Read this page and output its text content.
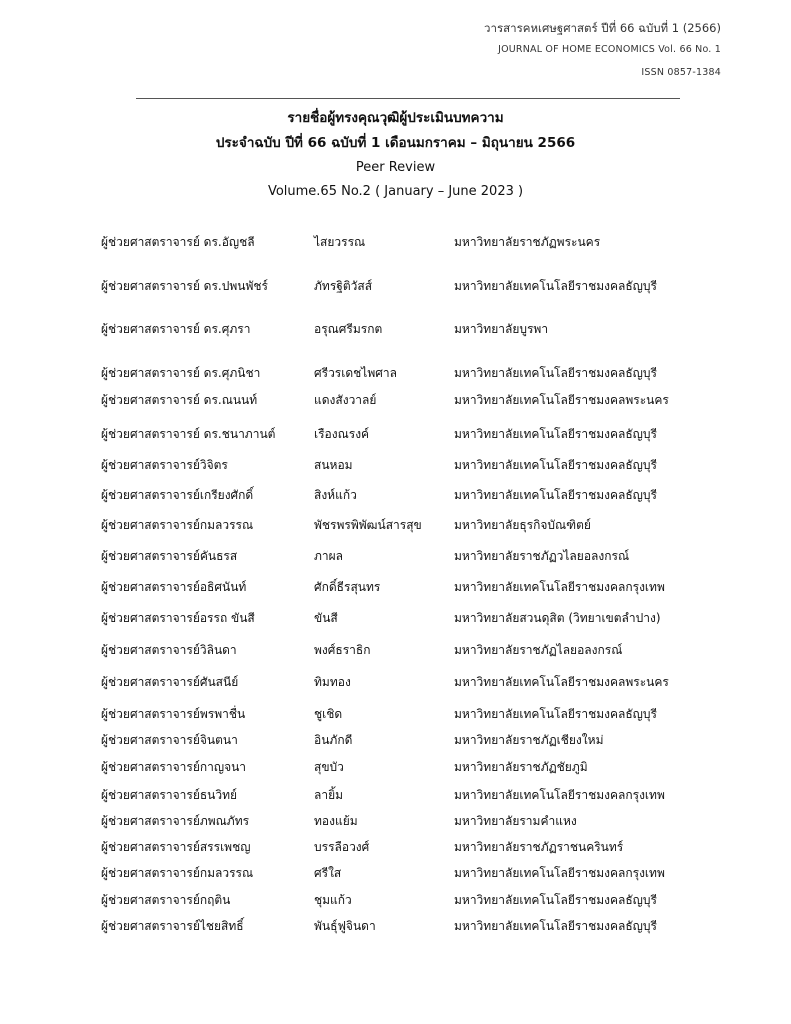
วารสารคหเศษฐศาสตร์ ปีที่ 66 ฉบับที่ 1 (2566)
JOURNAL OF HOME ECONOMICS Vol. 66 No. 1
ISSN 0857-1384
รายชื่อผู้ทรงคุณวุฒิผู้ประเมินบทความ
ประจำฉบับ ปีที่ 66 ฉบับที่ 1 เดือนมกราคม – มิถุนายน 2566
Peer Review
Volume.65 No.2 ( January – June 2023 )
ผู้ช่วยศาสตราจารย์ ดร.อัญชลี	ไสยวรรณ	มหาวิทยาลัยราชภัฏพระนคร
ผู้ช่วยศาสตราจารย์ ดร.ปพนพัชร์	ภัทรฐิติวัสส์	มหาวิทยาลัยเทคโนโลยีราชมงคลธัญบุรี
ผู้ช่วยศาสตราจารย์ ดร.ศุภรา	อรุณศรีมรกต	มหาวิทยาลัยบูรพา
ผู้ช่วยศาสตราจารย์ ดร.ศุภนิชา	ศรีวรเดชไพศาล	มหาวิทยาลัยเทคโนโลยีราชมงคลธัญบุรี
ผู้ช่วยศาสตราจารย์ ดร.ณนนท์	แดงสังวาลย์	มหาวิทยาลัยเทคโนโลยีราชมงคลพระนคร
ผู้ช่วยศาสตราจารย์ ดร.ชนาภานต์	เรืองณรงค์	มหาวิทยาลัยเทคโนโลยีราชมงคลธัญบุรี
ผู้ช่วยศาสตราจารย์วิจิตร	สนหอม	มหาวิทยาลัยเทคโนโลยีราชมงคลธัญบุรี
ผู้ช่วยศาสตราจารย์เกรียงศักดิ์	สิงห์แก้ว	มหาวิทยาลัยเทคโนโลยีราชมงคลธัญบุรี
ผู้ช่วยศาสตราจารย์กมลวรรณ	พัชรพรพิพัฒน์สารสุข	มหาวิทยาลัยธุรกิจบัณฑิตย์
ผู้ช่วยศาสตราจารย์คันธรส	ภาผล	มหาวิทยาลัยราชภัฏวไลยอลงกรณ์
ผู้ช่วยศาสตราจารย์อธิศนันท์	ศักดิ์ธีรสุนทร	มหาวิทยาลัยเทคโนโลยีราชมงคลกรุงเทพ
ผู้ช่วยศาสตราจารย์อรรถ ขันสี	ขันสี	มหาวิทยาลัยสวนดุสิต (วิทยาเขตลำปาง)
ผู้ช่วยศาสตราจารย์วิลินดา	พงศ์ธราธิก	มหาวิทยาลัยราชภัฏไลยอลงกรณ์
ผู้ช่วยศาสตราจารย์ศันสนีย์	ทิมทอง	มหาวิทยาลัยเทคโนโลยีราชมงคลพระนคร
ผู้ช่วยศาสตราจารย์พรพาชื่น	ชูเชิด	มหาวิทยาลัยเทคโนโลยีราชมงคลธัญบุรี
ผู้ช่วยศาสตราจารย์จินตนา	อินภักดี	มหาวิทยาลัยราชภัฏเชียงใหม่
ผู้ช่วยศาสตราจารย์กาญจนา	สุขบัว	มหาวิทยาลัยราชภัฏชัยภูมิ
ผู้ช่วยศาสตราจารย์ธนวิทย์	ลายิ้ม	มหาวิทยาลัยเทคโนโลยีราชมงคลกรุงเทพ
ผู้ช่วยศาสตราจารย์ภพณภัทร	ทองแย้ม	มหาวิทยาลัยรามคำแหง
ผู้ช่วยศาสตราจารย์สรรเพชญ	บรรลือวงศ์	มหาวิทยาลัยราชภัฏราชนครินทร์
ผู้ช่วยศาสตราจารย์กมลวรรณ	ศรีใส	มหาวิทยาลัยเทคโนโลยีราชมงคลกรุงเทพ
ผู้ช่วยศาสตราจารย์กฤติน	ชุมแก้ว	มหาวิทยาลัยเทคโนโลยีราชมงคลธัญบุรี
ผู้ช่วยศาสตราจารย์ไชยสิทธิ์	พันธุ์ฟูจินดา	มหาวิทยาลัยเทคโนโลยีราชมงคลธัญบุรี
